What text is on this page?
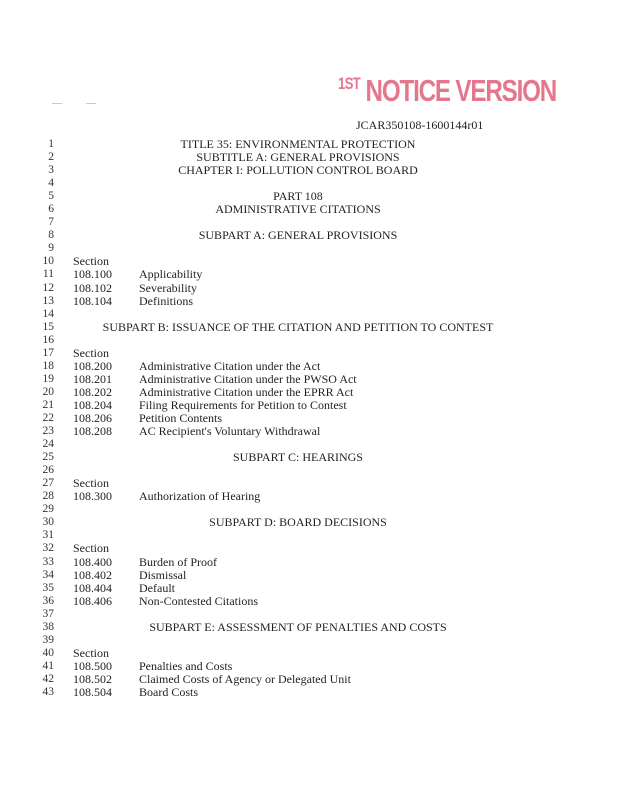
$^{1ST}$ NOTICE VERSION
JCAR350108-1600144r01
1	TITLE 35: ENVIRONMENTAL PROTECTION
2	SUBTITLE A: GENERAL PROVISIONS
3	CHAPTER I: POLLUTION CONTROL BOARD
4
5	PART 108
6	ADMINISTRATIVE CITATIONS
7
8	SUBPART A: GENERAL PROVISIONS
9
10 Section
11 108.100 Applicability
12 108.102 Severability
13 108.104 Definitions
14
15	SUBPART B: ISSUANCE OF THE CITATION AND PETITION TO CONTEST
16
17 Section
18 108.200 Administrative Citation under the Act
19 108.201 Administrative Citation under the PWSO Act
20 108.202 Administrative Citation under the EPRR Act
21 108.204 Filing Requirements for Petition to Contest
22 108.206 Petition Contents
23 108.208 AC Recipient's Voluntary Withdrawal
24
25	SUBPART C: HEARINGS
26
27 Section
28 108.300 Authorization of Hearing
29
30	SUBPART D: BOARD DECISIONS
31
32 Section
33 108.400 Burden of Proof
34 108.402 Dismissal
35 108.404 Default
36 108.406 Non-Contested Citations
37
38	SUBPART E: ASSESSMENT OF PENALTIES AND COSTS
39
40 Section
41 108.500 Penalties and Costs
42 108.502 Claimed Costs of Agency or Delegated Unit
43 108.504 Board Costs
